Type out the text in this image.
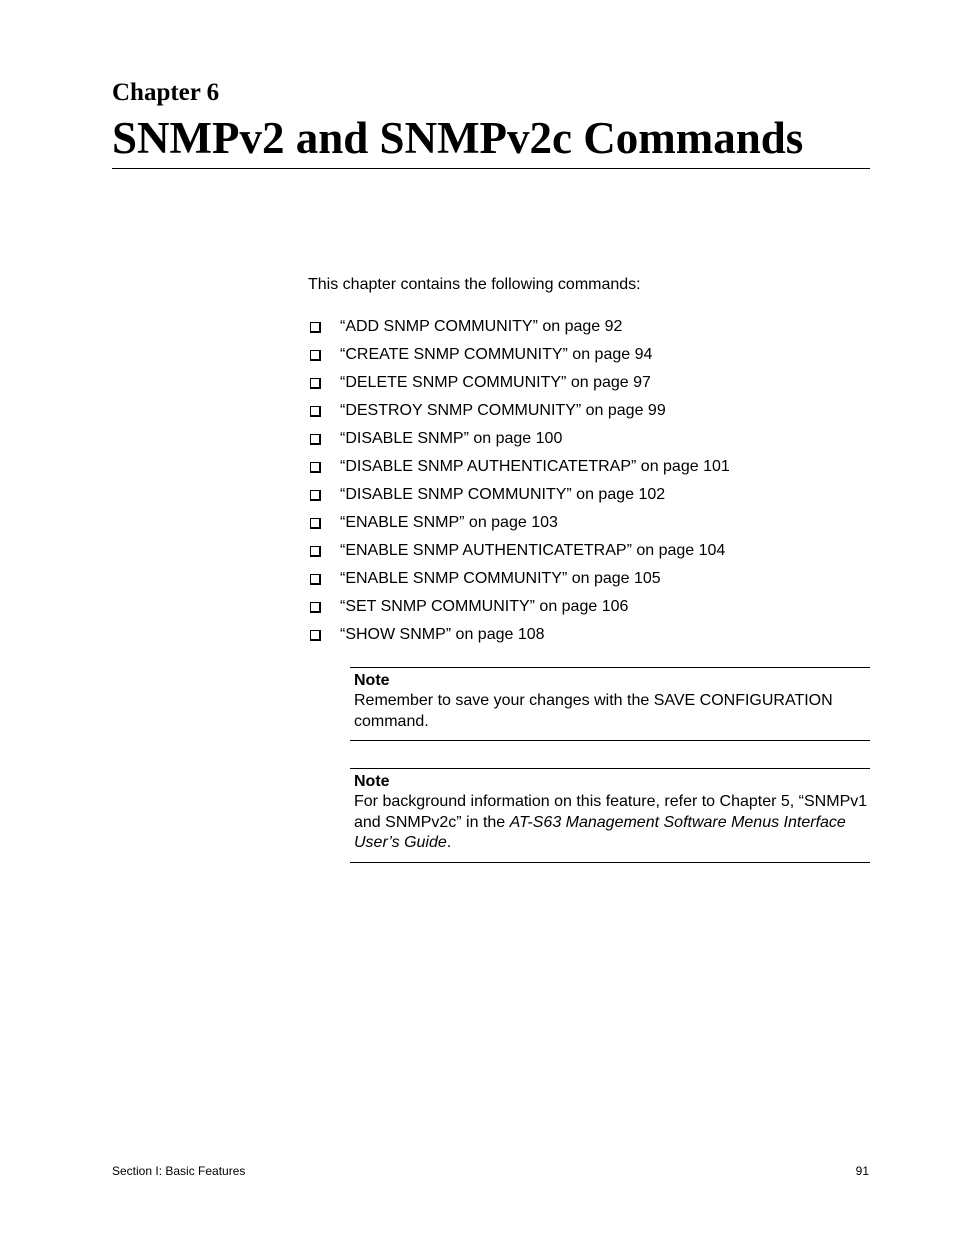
Chapter 6
SNMPv2 and SNMPv2c Commands

This chapter contains the following commands:

“ADD SNMP COMMUNITY” on page 92
“CREATE SNMP COMMUNITY” on page 94
“DELETE SNMP COMMUNITY” on page 97
“DESTROY SNMP COMMUNITY” on page 99
“DISABLE SNMP” on page 100
“DISABLE SNMP AUTHENTICATETRAP” on page 101
“DISABLE SNMP COMMUNITY” on page 102
“ENABLE SNMP” on page 103
“ENABLE SNMP AUTHENTICATETRAP” on page 104
“ENABLE SNMP COMMUNITY” on page 105
“SET SNMP COMMUNITY” on page 106
“SHOW SNMP” on page 108

Note

Remember to save your changes with the SAVE CONFIGURATION command.

Note

For background information on this feature, refer to Chapter 5, “SNMPv1 and SNMPv2c” in the AT-S63 Management Software Menus Interface User’s Guide.

Section I: Basic Features	91
